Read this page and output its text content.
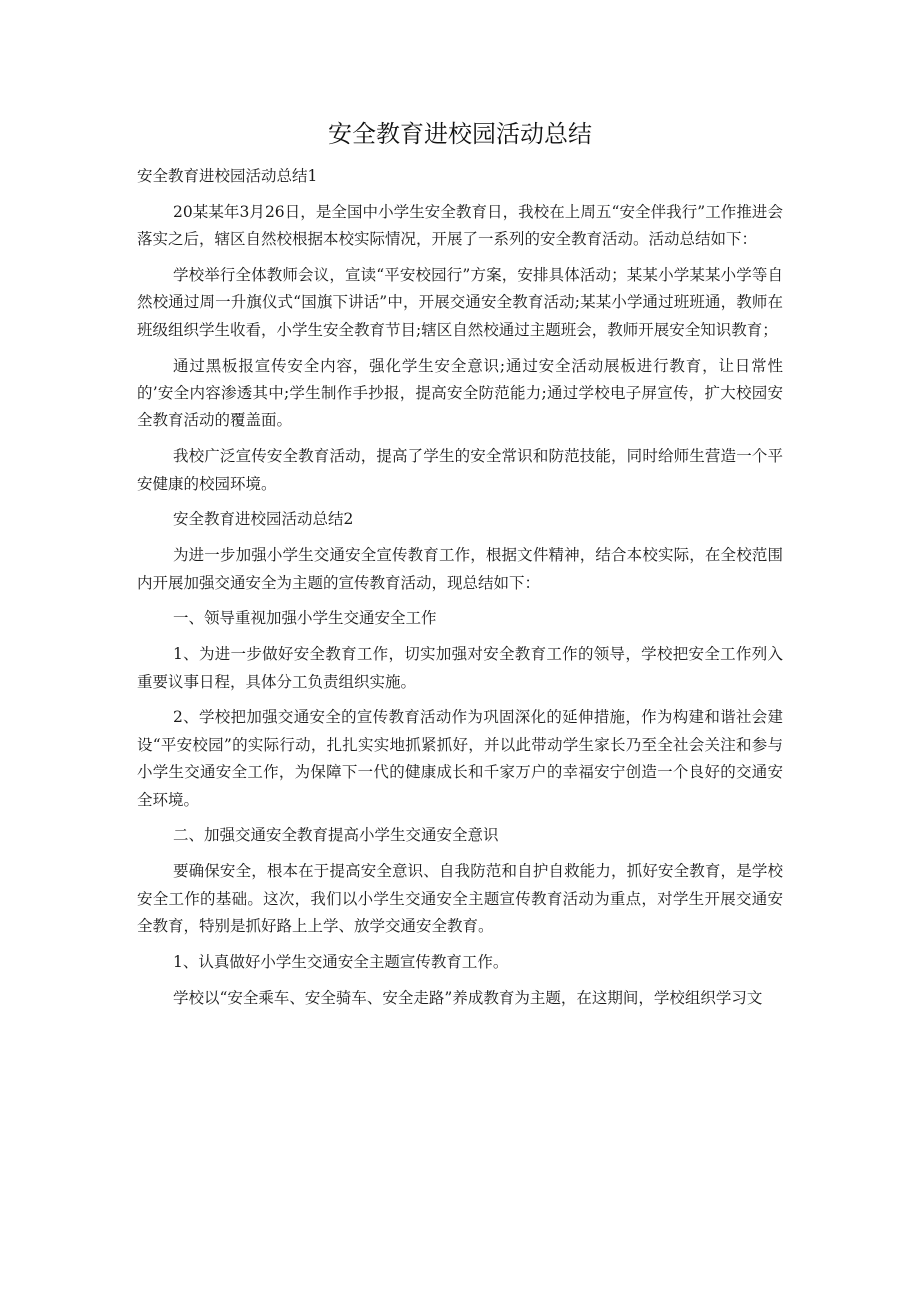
安全教育进校园活动总结

安全教育进校园活动总结1

20某某年3月26日，是全国中小学生安全教育日，我校在上周五“安全伴我行”工作推进会落实之后，辖区自然校根据本校实际情况，开展了一系列的安全教育活动。活动总结如下：

学校举行全体教师会议，宣读“平安校园行”方案，安排具体活动；某某小学某某小学等自然校通过周一升旗仪式“国旗下讲话”中，开展交通安全教育活动;某某小学通过班班通，教师在班级组织学生收看，小学生安全教育节目;辖区自然校通过主题班会，教师开展安全知识教育；

通过黑板报宣传安全内容，强化学生安全意识;通过安全活动展板进行教育，让日常性的’安全内容渗透其中;学生制作手抄报，提高安全防范能力;通过学校电子屏宣传，扩大校园安全教育活动的覆盖面。

我校广泛宣传安全教育活动，提高了学生的安全常识和防范技能，同时给师生营造一个平安健康的校园环境。

安全教育进校园活动总结2

为进一步加强小学生交通安全宣传教育工作，根据文件精神，结合本校实际，在全校范围内开展加强交通安全为主题的宣传教育活动，现总结如下：

一、领导重视加强小学生交通安全工作

1、为进一步做好安全教育工作，切实加强对安全教育工作的领导，学校把安全工作列入重要议事日程，具体分工负责组织实施。

2、学校把加强交通安全的宣传教育活动作为巩固深化的延伸措施，作为构建和谐社会建设“平安校园”的实际行动，扎扎实实地抓紧抓好，并以此带动学生家长乃至全社会关注和参与小学生交通安全工作，为保障下一代的健康成长和千家万户的幸福安宁创造一个良好的交通安全环境。

二、加强交通安全教育提高小学生交通安全意识

要确保安全，根本在于提高安全意识、自我防范和自护自救能力，抓好安全教育，是学校安全工作的基础。这次，我们以小学生交通安全主题宣传教育活动为重点，对学生开展交通安全教育，特别是抓好路上上学、放学交通安全教育。

1、认真做好小学生交通安全主题宣传教育工作。

学校以“安全乘车、安全骑车、安全走路”养成教育为主题，在这期间，学校组织学习文
